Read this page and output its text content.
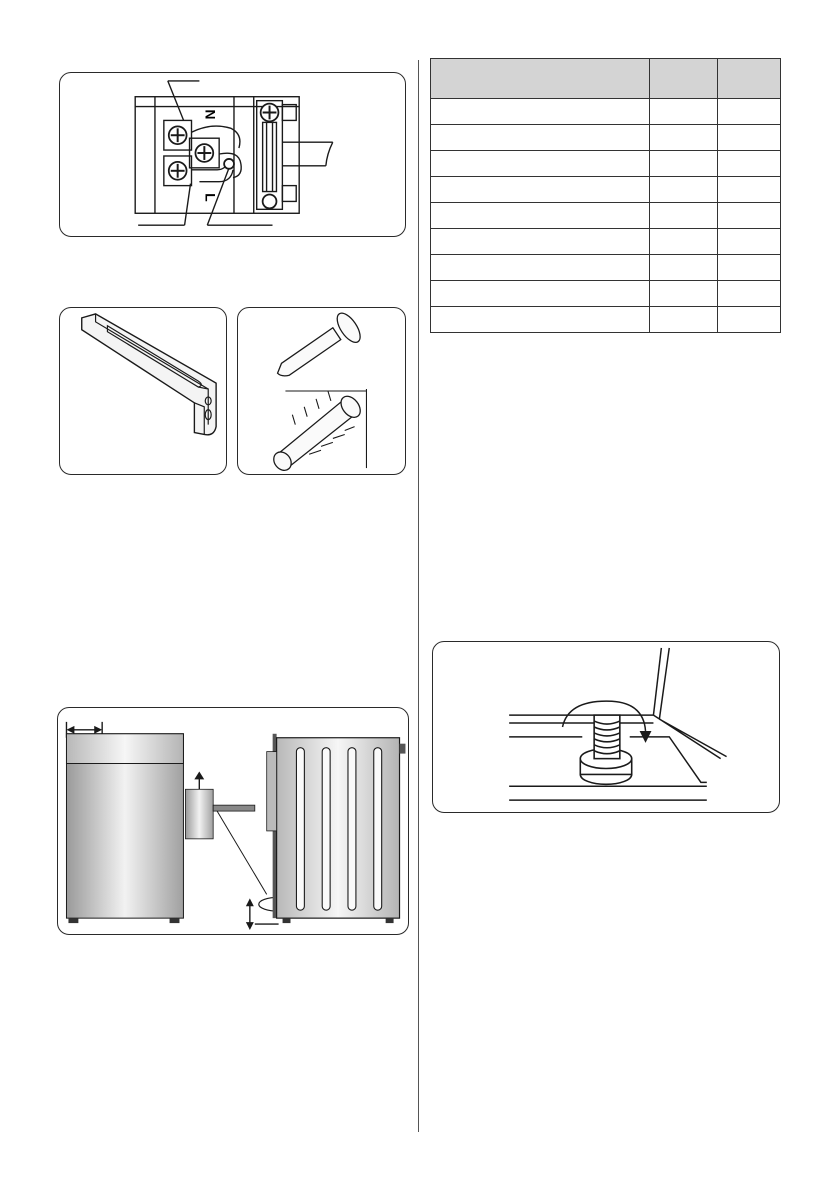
N
L
